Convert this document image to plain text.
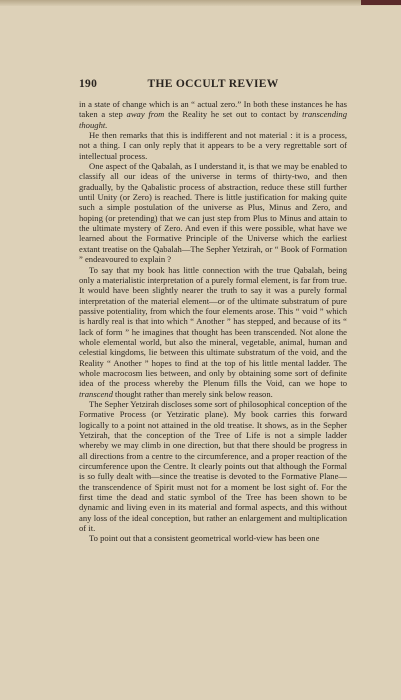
190	THE OCCULT REVIEW

in a state of change which is an “ actual zero.” In both these instances he has taken a step away from the Reality he set out to contact by transcending thought.

He then remarks that this is indifferent and not material : it is a process, not a thing. I can only reply that it appears to be a very regrettable sort of intellectual process.

One aspect of the Qabalah, as I understand it, is that we may be enabled to classify all our ideas of the universe in terms of thirty-two, and then gradually, by the Qabalistic process of abstraction, reduce these still further until Unity (or Zero) is reached. There is little justification for making quite such a simple postulation of the universe as Plus, Minus and Zero, and hoping (or pretending) that we can just step from Plus to Minus and attain to the ultimate mystery of Zero. And even if this were possible, what have we learned about the Formative Principle of the Universe which the earliest extant treatise on the Qabalah—The Sepher Yetzirah, or “ Book of Formation ” endeavoured to explain ?

To say that my book has little connection with the true Qabalah, being only a materialistic interpretation of a purely formal element, is far from true. It would have been slightly nearer the truth to say it was a purely formal interpretation of the material element—or of the ultimate substratum of pure passive potentiality, from which the four elements arose. This “ void ” which is hardly real is that into which “ Another ” has stepped, and because of its “ lack of form ” he imagines that thought has been transcended. Not alone the whole elemental world, but also the mineral, vegetable, animal, human and celestial kingdoms, lie between this ultimate substratum of the void, and the Reality “ Another ” hopes to find at the top of his little mental ladder. The whole macrocosm lies between, and only by obtaining some sort of definite idea of the process whereby the Plenum fills the Void, can we hope to transcend thought rather than merely sink below reason.

The Sepher Yetzirah discloses some sort of philosophical conception of the Formative Process (or Yetziratic plane). My book carries this forward logically to a point not attained in the old treatise. It shows, as in the Sepher Yetzirah, that the conception of the Tree of Life is not a simple ladder whereby we may climb in one direction, but that there should be progress in all directions from a centre to the circumference, and a proper reaction of the circumference upon the Centre. It clearly points out that although the Formal is so fully dealt with—since the treatise is devoted to the Formative Plane—the transcendence of Spirit must not for a moment be lost sight of. For the first time the dead and static symbol of the Tree has been shown to be dynamic and living even in its material and formal aspects, and this without any loss of the ideal conception, but rather an enlargement and multiplication of it.

To point out that a consistent geometrical world-view has been one
